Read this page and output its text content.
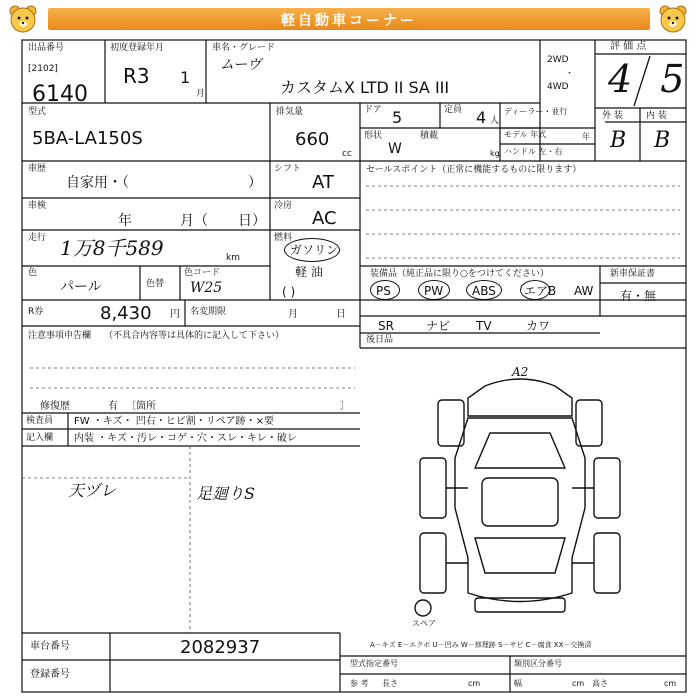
軽自動車コーナー
出品番号
[2102]
6140
初度登録年月
R3 1
月
車名・グレード
ムーヴ
カスタムX LTD II SA III
2WD
・
4WD
評 価 点
4 5
型式
5BA-LA150S
排気量
660
cc
ドア 5	定員 4 人
ディーラー・並行
モデル 年式	年
ハンドル 左・右
形状
W
積載
kg
外 装	内 装
B B
車歴
自家用・（	）
シフト
AT
車検
年	月（ 日）
冷房
AC
走行 1万8千589	km
燃料
ガソリン
軽 油
( )
色
パール	色替
色コード
W25
R券	8,430 円 名変期限	月	日
注意事項申告欄 （不具合内容等は具体的に記入して下さい）
修復歴	有 〔箇所	〕
検査員
記入欄
FW ・キズ・ 凹右・ヒビ割・リペア跡・×要
内装 ・キズ・汚レ・コゲ・穴・スレ・キレ・破レ
天ヅレ	足廻りS
A2
スペア
セールスポイント（正常に機能するものに限ります）
装備品（純正品に限り○をつけてください）	新車保証書
有・無
PS	PW ABS エアB AW
SR	ナビ TV	カワ
後日品
車台番号	2082937
登録番号
A－キズ E－エクボ U－凹み W－修理跡 S－サビ C－腐食 XX－交換済
型式指定番号	類別区分番号
参 考 長さ	cm	幅	cm 高さ	cm
